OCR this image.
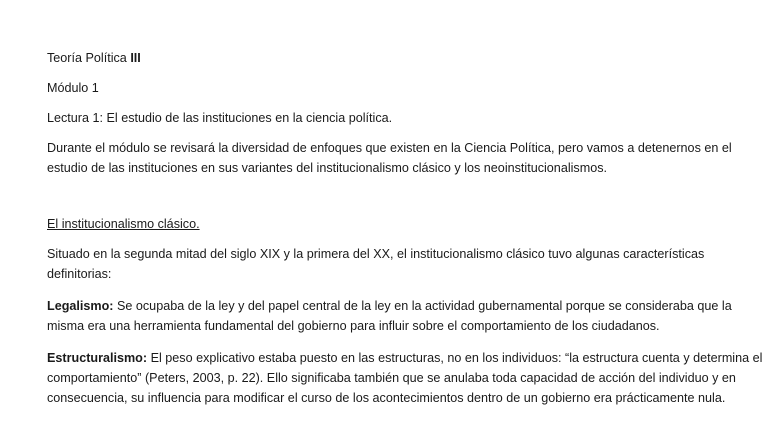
Teoría Política III

Módulo 1

Lectura 1: El estudio de las instituciones en la ciencia política.

Durante el módulo se revisará la diversidad de enfoques que existen en la Ciencia Política, pero vamos a detenernos en el estudio de las instituciones en sus variantes del institucionalismo clásico y los neoinstitucionalismos.

El institucionalismo clásico.

Situado en la segunda mitad del siglo XIX y la primera del XX, el institucionalismo clásico tuvo algunas características definitorias:

Legalismo: Se ocupaba de la ley y del papel central de la ley en la actividad gubernamental porque se consideraba que la misma era una herramienta fundamental del gobierno para influir sobre el comportamiento de los ciudadanos.

Estructuralismo: El peso explicativo estaba puesto en las estructuras, no en los individuos: “la estructura cuenta y determina el comportamiento” (Peters, 2003, p. 22). Ello significaba también que se anulaba toda capacidad de acción del individuo y en consecuencia, su influencia para modificar el curso de los acontecimientos dentro de un gobierno era prácticamente nula.
